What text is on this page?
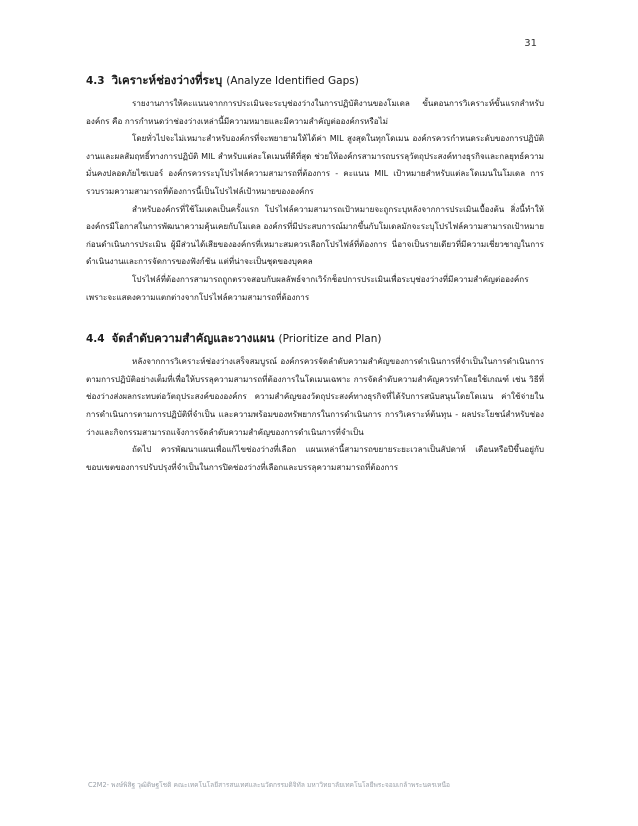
31
4.3 วิเคราะห์ช่องว่างที่ระบุ (Analyze Identified Gaps)

รายงานการให้คะแนนจากการประเมินจะระบุช่องว่างในการปฏิบัติงานของโมเดล ขั้นตอนการวิเคราะห์ขั้นแรกสำหรับองค์กร คือ การกำหนดว่าช่องว่างเหล่านี้มีความหมายและมีความสำคัญต่อองค์กรหรือไม่

โดยทั่วไปจะไม่เหมาะสำหรับองค์กรที่จะพยายามให้ได้ค่า MIL สูงสุดในทุกโดเมน องค์กรควรกำหนดระดับของการปฏิบัติงานและผลสัมฤทธิ์ทางการปฏิบัติ MIL สำหรับแต่ละโดเมนที่ดีที่สุด ช่วยให้องค์กรสามารถบรรลุวัตถุประสงค์ทางธุรกิจและกลยุทธ์ความมั่นคงปลอดภัยไซเบอร์ องค์กรควรระบุโปรไฟล์ความสามารถที่ต้องการ - คะแนน MIL เป้าหมายสำหรับแต่ละโดเมนในโมเดล การรวบรวมความสามารถที่ต้องการนี้เป็นโปรไฟล์เป้าหมายขององค์กร

สำหรับองค์กรที่ใช้โมเดลเป็นครั้งแรก โปรไฟล์ความสามารถเป้าหมายจะถูกระบุหลังจากการประเมินเบื้องต้น สิ่งนี้ทำให้องค์กรมีโอกาสในการพัฒนาความคุ้นเคยกับโมเดล องค์กรที่มีประสบการณ์มากขึ้นกับโมเดลมักจะระบุโปรไฟล์ความสามารถเป้าหมายก่อนดำเนินการประเมิน ผู้มีส่วนได้เสียขององค์กรที่เหมาะสมควรเลือกโปรไฟล์ที่ต้องการ นี่อาจเป็นรายเดียวที่มีความเชี่ยวชาญในการดำเนินงานและการจัดการของฟังก์ชัน แต่ที่น่าจะเป็นชุดของบุคคล

โปรไฟล์ที่ต้องการสามารถถูกตรวจสอบกับผลลัพธ์จากเวิร์กช็อปการประเมินเพื่อระบุช่องว่างที่มีความสำคัญต่อองค์กรเพราะจะแสดงความแตกต่างจากโปรไฟล์ความสามารถที่ต้องการ

4.4 จัดลำดับความสำคัญและวางแผน (Prioritize and Plan)

หลังจากการวิเคราะห์ช่องว่างเสร็จสมบูรณ์ องค์กรควรจัดลำดับความสำคัญของการดำเนินการที่จำเป็นในการดำเนินการตามการปฏิบัติอย่างเต็มที่เพื่อให้บรรลุความสามารถที่ต้องการในโดเมนเฉพาะ การจัดลำดับความสำคัญควรทำโดยใช้เกณฑ์ เช่น วิธีที่ช่องว่างส่งผลกระทบต่อวัตถุประสงค์ขององค์กร ความสำคัญของวัตถุประสงค์ทางธุรกิจที่ได้รับการสนับสนุนโดยโดเมน ค่าใช้จ่ายในการดำเนินการตามการปฏิบัติที่จำเป็น และความพร้อมของทรัพยากรในการดำเนินการ การวิเคราะห์ต้นทุน - ผลประโยชน์สำหรับช่องว่างและกิจกรรมสามารถแจ้งการจัดลำดับความสำคัญของการดำเนินการที่จำเป็น

ถัดไป ควรพัฒนาแผนเพื่อแก้ไขช่องว่างที่เลือก แผนเหล่านี้สามารถขยายระยะเวลาเป็นสัปดาห์ เดือนหรือปีขึ้นอยู่กับขอบเขตของการปรับปรุงที่จำเป็นในการปิดช่องว่างที่เลือกและบรรลุความสามารถที่ต้องการ

C2M2- พงษ์พิสิฐ วุฒิดิษฐโชติ คณะเทคโนโลยีสารสนเทศและนวัตกรรมดิจิทัล มหาวิทยาลัยเทคโนโลยีพระจอมเกล้าพระนครเหนือ
